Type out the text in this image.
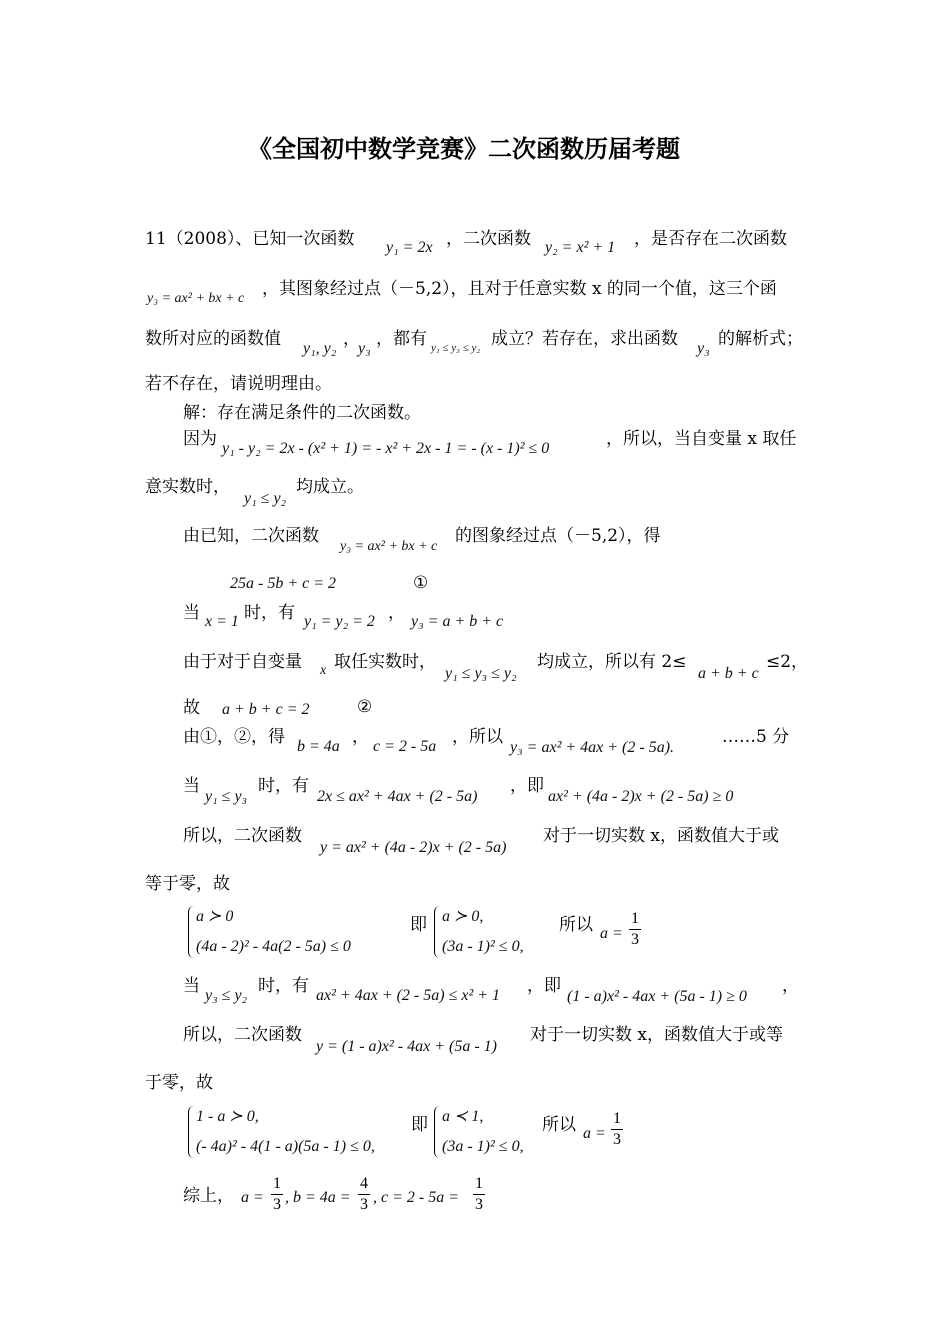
《全国初中数学竞赛》二次函数历届考题
11（2008）、已知一次函数 y₁ = 2x ，二次函数 y₂ = x² + 1 ，是否存在二次函数
y₃ = ax² + bx + c ，其图象经过点（－5,2），且对于任意实数 x 的同一个值，这三个函
数所对应的函数值 y₁, y₂ ，
y₃ ，都有 y₁ ≤ y₃ ≤ y₂ 成立？若存在，求出函数 y₃ 的解析式；
若不存在，请说明理由。
解：存在满足条件的二次函数。
因为 y₁ - y₂ = 2x - (x² + 1) = - x² + 2x - 1 = - (x - 1)² ≤ 0	，所以，当自变量 x 取任
意实数时，
y₁ ≤ y₂
均成立。
由已知，二次函数
y₃ = ax² + bx + c
的图象经过点（－5,2），得
25a - 5b + c = 2	①
当 x = 1 时，有 y₁ = y₂ = 2 ， y₃ = a + b + c
由于对于自变量 x 取任实数时，
y₁ ≤ y₃ ≤ y₂
均成立，所以有 2≤
a + b + c
≤2，
故 a + b + c = 2	②
由①，②，得 b = 4a ， c = 2 - 5a ，所以
y₃ = ax² + 4ax + (2 - 5a).
……5 分
当
y₁ ≤ y₃
时，有
2x ≤ ax² + 4ax + (2 - 5a)
，即
ax² + (4a - 2)x + (2 - 5a) ≥ 0
所以，二次函数
y = ax² + (4a - 2)x + (2 - 5a)
对于一切实数 x，函数值大于或
等于零，故
a ≻ 0
(4a - 2)² - 4a(2 - 5a) ≤ 0
即 a ≻ 0,
(3a - 1)² ≤ 0,
所以 a =
1
3
当 y₃ ≤ y₂ 时，有 ax² + 4ax + (2 - 5a) ≤ x² + 1 ，即
(1 - a)x² - 4ax + (5a - 1) ≥ 0
，
所以，二次函数
y = (1 - a)x² - 4ax + (5a - 1)
对于一切实数 x，函数值大于或等
于零，故
1 - a ≻ 0,
(- 4a)² - 4(1 - a)(5a - 1) ≤ 0,
即 a ≺ 1,
(3a - 1)² ≤ 0,
所以 a =
1
3
综上， a =
1
3 , b = 4a =
4
3 , c = 2 - 5a =
1
3
